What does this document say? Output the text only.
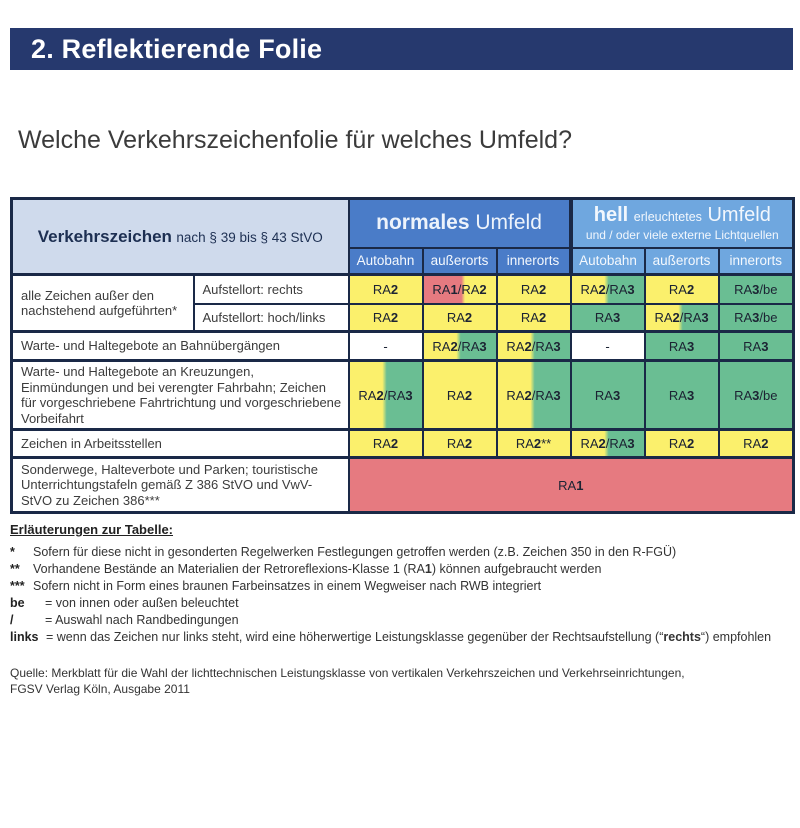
2. Reflektierende Folie
Welche Verkehrszeichenfolie für welches Umfeld?
Verkehrszeichen nach § 39 bis § 43 StVO		normales Umfeld			hell erleuchtetes Umfeld
und / oder viele externe Lichtquellen		

		Autobahn	außerorts	innerorts	Autobahn	außerorts	innerorts
alle Zeichen außer den nachstehend aufgeführten*	Aufstellort: rechts	RA2	RA1/RA2	RA2	RA2/RA3	RA2	RA3/be
	Aufstellort: hoch/links	RA2	RA2	RA2	RA3	RA2/RA3	RA3/be
Warte- und Haltegebote an Bahnübergängen		-	RA2/RA3	RA2/RA3	-	RA3	RA3
Warte- und Haltegebote an Kreuzungen, Einmündungen und bei verengter Fahrbahn; Zeichen für vorgeschriebene Fahrtrichtung und vorgeschriebene Vorbeifahrt		RA2/RA3	RA2	RA2/RA3	RA3	RA3	RA3/be
Zeichen in Arbeitsstellen		RA2	RA2	RA2**	RA2/RA3	RA2	RA2
Sonderwege, Halteverbote und Parken; touristische Unterrichtungstafeln gemäß Z 386 StVO und VwV-StVO zu Zeichen 386***		RA1					
Erläuterungen zur Tabelle:
*	Sofern für diese nicht in gesonderten Regelwerken Festlegungen getroffen werden (z.B. Zeichen 350 in den R-FGÜ)
**	Vorhandene Bestände an Materialien der Retroreflexions-Klasse 1 (RA1) können aufgebraucht werden
*** Sofern nicht in Form eines braunen Farbeinsatzes in einem Wegweiser nach RWB integriert
be	= von innen oder außen beleuchtet
/	= Auswahl nach Randbedingungen
links = wenn das Zeichen nur links steht, wird eine höherwertige Leistungsklasse gegenüber der Rechtsaufstellung (“rechts“) empfohlen
Quelle: Merkblatt für die Wahl der lichttechnischen Leistungsklasse von vertikalen Verkehrszeichen und Verkehrseinrichtungen,
FGSV Verlag Köln, Ausgabe 2011
